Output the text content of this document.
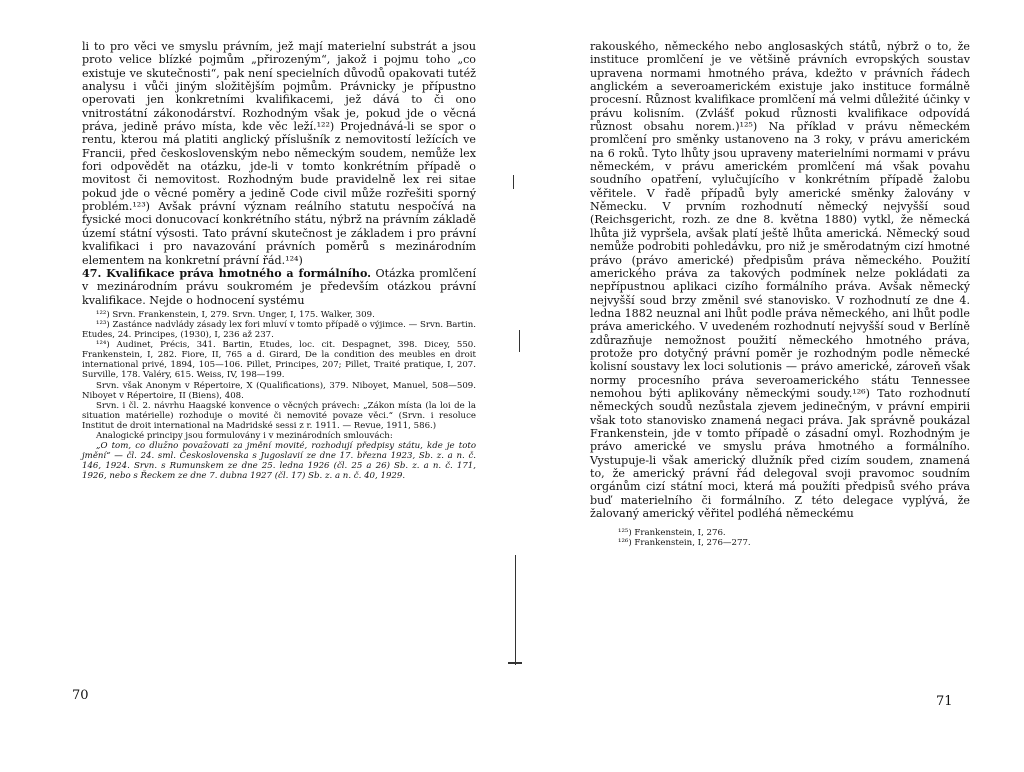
li to pro věci ve smyslu právním, jež mají materielní substrát a jsou proto velice blízké pojmům „přirozeným“, jakož i pojmu toho „co existuje ve skutečnosti“, pak není specielních důvodů opakovati tutéž analysu i vůči jiným složitějším pojmům. Právnicky je přípustno operovati jen konkretními kvalifikacemi, jež dává to či ono vnitrostátní zákonodárství. Rozhodným však je, pokud jde o věcná práva, jedině právo místa, kde věc leží.¹²²) Projednává-li se spor o rentu, kterou má platiti anglický příslušník z nemovitostí ležících ve Francii, před československým nebo německým soudem, nemůže lex fori odpovědět na otázku, jde-li v tomto konkrétním případě o movitost či nemovitost. Rozhodným bude pravidelně lex rei sitae pokud jde o věcné poměry a jedině Code civil může rozřešiti sporný problém.¹²³) Avšak právní význam reálního statutu nespočívá na fysické moci donucovací konkrétního státu, nýbrž na právním základě území státní výsosti. Tato právní skutečnost je základem i pro právní kvalifikaci i pro navazování právních poměrů s mezinárodním elementem na konkretní právní řád.¹²⁴)

47. Kvalifikace práva hmotného a formálního. Otázka promlčení v mezinárodním právu soukromém je především otázkou právní kvalifikace. Nejde o hodnocení systému

¹²²) Srvn. Frankenstein, I, 279. Srvn. Unger, I, 175. Walker, 309.

¹²³) Zastánce nadvlády zásady lex fori mluví v tomto případě o výjimce. — Srvn. Bartin. Etudes, 24. Principes, (1930), I, 236 až 237.

¹²⁴) Audinet, Précis, 341. Bartin, Etudes, loc. cit. Despagnet, 398. Dicey, 550. Frankenstein, I, 282. Fiore, II, 765 a d. Girard, De la condition des meubles en droit international privé, 1894, 105—106. Pillet, Principes, 207; Pillet, Traité pratique, I, 207. Surville, 178. Valéry, 615. Weiss, IV, 198—199.

Srvn. však Anonym v Répertoire, X (Qualifications), 379. Niboyet, Manuel, 508—509. Niboyet v Répertoire, II (Biens), 408.

Srvn. i čl. 2. návrhu Haagské konvence o věcných právech: „Zákon místa (la loi de la situation matérielle) rozhoduje o movité či nemovité povaze věci.“ (Srvn. i resoluce Institut de droit international na Madridské sessi z r. 1911. — Revue, 1911, 586.)

Analogické principy jsou formulovány i v mezinárodních smlouvách:

„O tom, co dlužno považovati za jmění movité, rozhodují předpisy státu, kde je toto jmění“ — čl. 24. sml. Československa s Jugoslavií ze dne 17. března 1923, Sb. z. a n. č. 146, 1924. Srvn. s Rumunskem ze dne 25. ledna 1926 (čl. 25 a 26) Sb. z. a n. č. 171, 1926, nebo s Řeckem ze dne 7. dubna 1927 (čl. 17) Sb. z. a n. č. 40, 1929.

rakouského, německého nebo anglosaských států, nýbrž o to, že instituce promlčení je ve většině právních evropských soustav upravena normami hmotného práva, kdežto v právních řádech anglickém a severoamerickém existuje jako instituce formálně procesní. Různost kvalifikace promlčení má velmi důležité účinky v právu kolisním. (Zvlášť pokud různosti kvalifikace odpovídá různost obsahu norem.)¹²⁵) Na příklad v právu německém promlčení pro směnky ustanoveno na 3 roky, v právu americkém na 6 roků. Tyto lhůty jsou upraveny materielními normami v právu německém, v právu americkém promlčení má však povahu soudního opatření, vylučujícího v konkrétním případě žalobu věřitele. V řadě případů byly americké směnky žalovány v Německu. V prvním rozhodnutí německý nejvyšší soud (Reichsgericht, rozh. ze dne 8. května 1880) vytkl, že německá lhůta již vypršela, avšak platí ještě lhůta americká. Německý soud nemůže podrobiti pohledávku, pro niž je směrodatným cizí hmotné právo (právo americké) předpisům práva německého. Použití amerického práva za takových podmínek nelze pokládati za nepřípustnou aplikaci cizího formálního práva. Avšak německý nejvyšší soud brzy změnil své stanovisko. V rozhodnutí ze dne 4. ledna 1882 neuznal ani lhůt podle práva německého, ani lhůt podle práva amerického. V uvedeném rozhodnutí nejvyšší soud v Berlíně zdůrazňuje nemožnost použití německého hmotného práva, protože pro dotyčný právní poměr je rozhodným podle německé kolisní soustavy lex loci solutionis — právo americké, zároveň však normy procesního práva severoamerického státu Tennessee nemohou býti aplikovány německými soudy.¹²⁶) Tato rozhodnutí německých soudů nezůstala zjevem jedinečným, v právní empirii však toto stanovisko znamená negaci práva. Jak správně poukázal Frankenstein, jde v tomto případě o zásadní omyl. Rozhodným je právo americké ve smyslu práva hmotného a formálního. Vystupuje-li však americký dlužník před cizím soudem, znamená to, že americký právní řád delegoval svoji pravomoc soudním orgánům cizí státní moci, která má použíti předpisů svého práva buď materielního či formálního. Z této delegace vyplývá, že žalovaný americký věřitel podléhá německému

¹²⁵) Frankenstein, I, 276.

¹²⁶) Frankenstein, I, 276—277.

70	71
